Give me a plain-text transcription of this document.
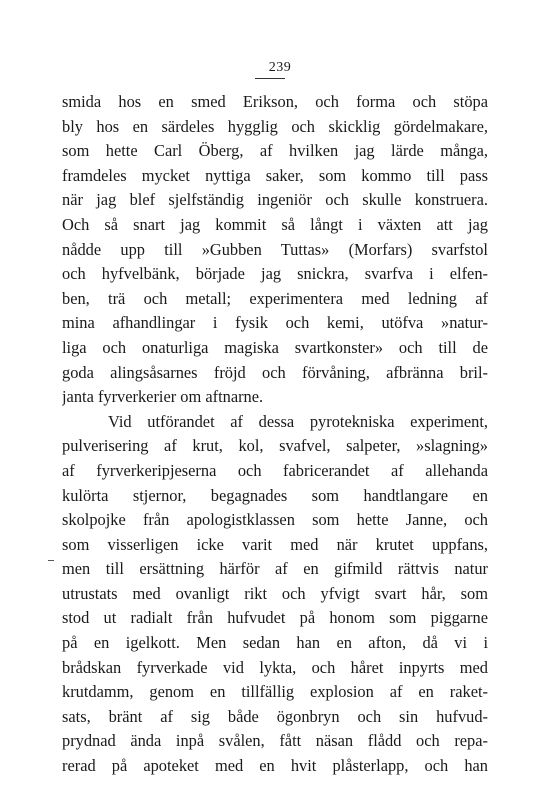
239
smida hos en smed Erikson, och forma och stöpa
bly hos en särdeles hygglig och skicklig gördelmakare,
som hette Carl Öberg, af hvilken jag lärde många,
framdeles mycket nyttiga saker, som kommo till pass
när jag blef sjelfständig ingeniör och skulle konstruera.
Och så snart jag kommit så långt i växten att jag
nådde upp till »Gubben Tuttas» (Morfars) svarfstol
och hyfvelbänk, började jag snickra, svarfva i elfen-
ben, trä och metall; experimentera med ledning af
mina afhandlingar i fysik och kemi, utöfva »natur-
liga och onaturliga magiska svartkonster» och till de
goda alingsåsarnes fröjd och förvåning, afbränna bril-
janta fyrverkerier om aftnarne.
Vid utförandet af dessa pyrotekniska experiment,
pulverisering af krut, kol, svafvel, salpeter, »slagning»
af fyrverkeripjeserna och fabricerandet af allehanda
kulörta stjernor, begagnades som handtlangare en
skolpojke från apologistklassen som hette Janne, och
som visserligen icke varit med när krutet uppfans,
men till ersättning härför af en gifmild rättvis natur
utrustats med ovanligt rikt och yfvigt svart hår, som
stod ut radialt från hufvudet på honom som piggarne
på en igelkott. Men sedan han en afton, då vi i
brådskan fyrverkade vid lykta, och håret inpyrts med
krutdamm, genom en tillfällig explosion af en raket-
sats, bränt af sig både ögonbryn och sin hufvud-
prydnad ända inpå svålen, fått näsan flådd och repa-
rerad på apoteket med en hvit plåsterlapp, och han
